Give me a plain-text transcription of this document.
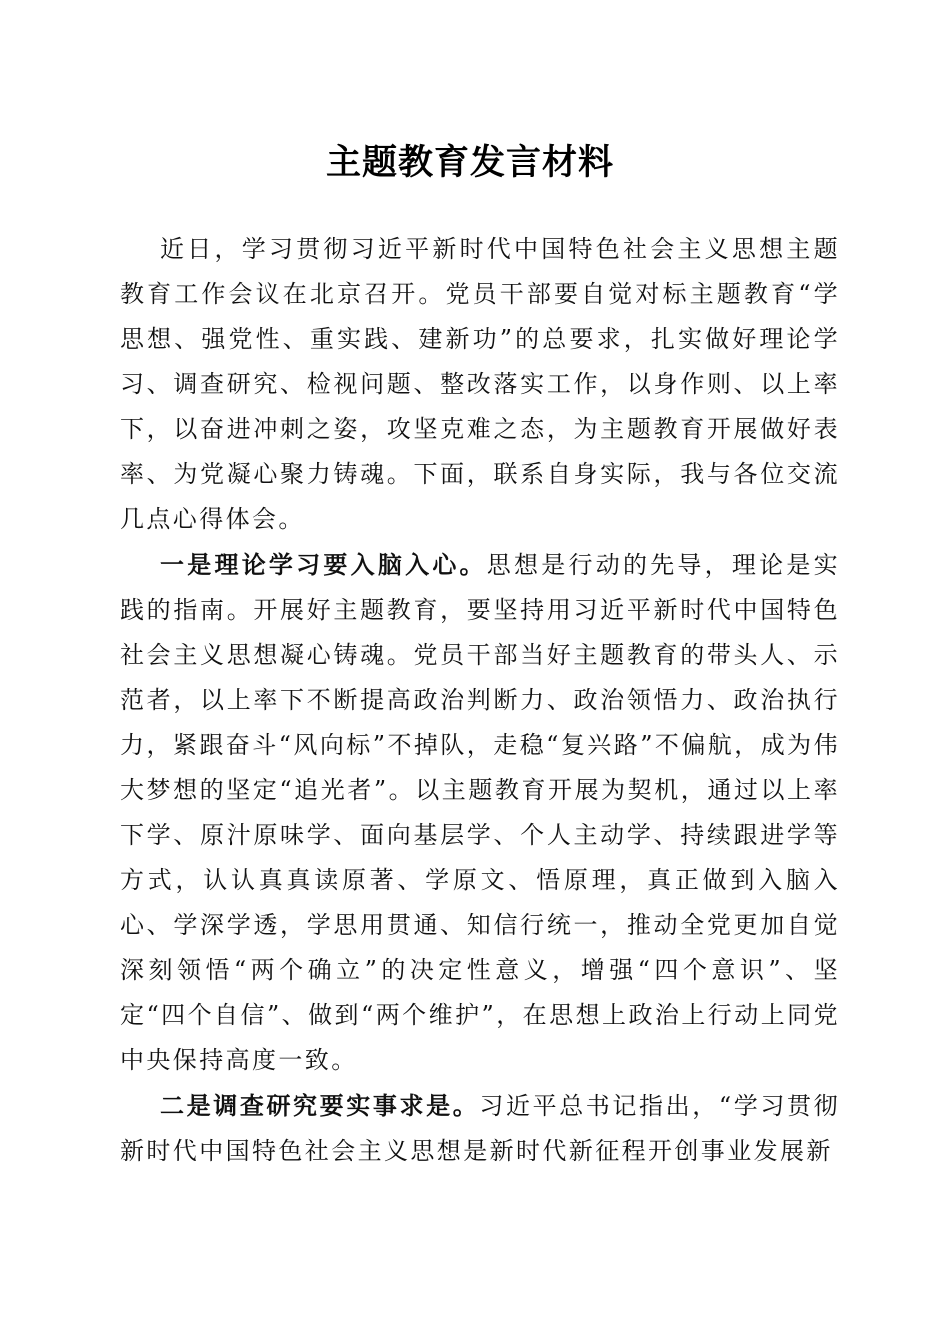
主题教育发言材料

近日，学习贯彻习近平新时代中国特色社会主义思想主题教育工作会议在北京召开。党员干部要自觉对标主题教育“学思想、强党性、重实践、建新功”的总要求，扎实做好理论学习、调查研究、检视问题、整改落实工作，以身作则、以上率下，以奋进冲刺之姿，攻坚克难之态，为主题教育开展做好表率、为党凝心聚力铸魂。下面，联系自身实际，我与各位交流几点心得体会。

一是理论学习要入脑入心。思想是行动的先导，理论是实践的指南。开展好主题教育，要坚持用习近平新时代中国特色社会主义思想凝心铸魂。党员干部当好主题教育的带头人、示范者，以上率下不断提高政治判断力、政治领悟力、政治执行力，紧跟奋斗“风向标”不掉队，走稳“复兴路”不偏航，成为伟大梦想的坚定“追光者”。以主题教育开展为契机，通过以上率下学、原汁原味学、面向基层学、个人主动学、持续跟进学等方式，认认真真读原著、学原文、悟原理，真正做到入脑入心、学深学透，学思用贯通、知信行统一，推动全党更加自觉深刻领悟“两个确立”的决定性意义，增强“四个意识”、坚定“四个自信”、做到“两个维护”，在思想上政治上行动上同党中央保持高度一致。

二是调查研究要实事求是。习近平总书记指出，“学习贯彻新时代中国特色社会主义思想是新时代新征程开创事业发展新
